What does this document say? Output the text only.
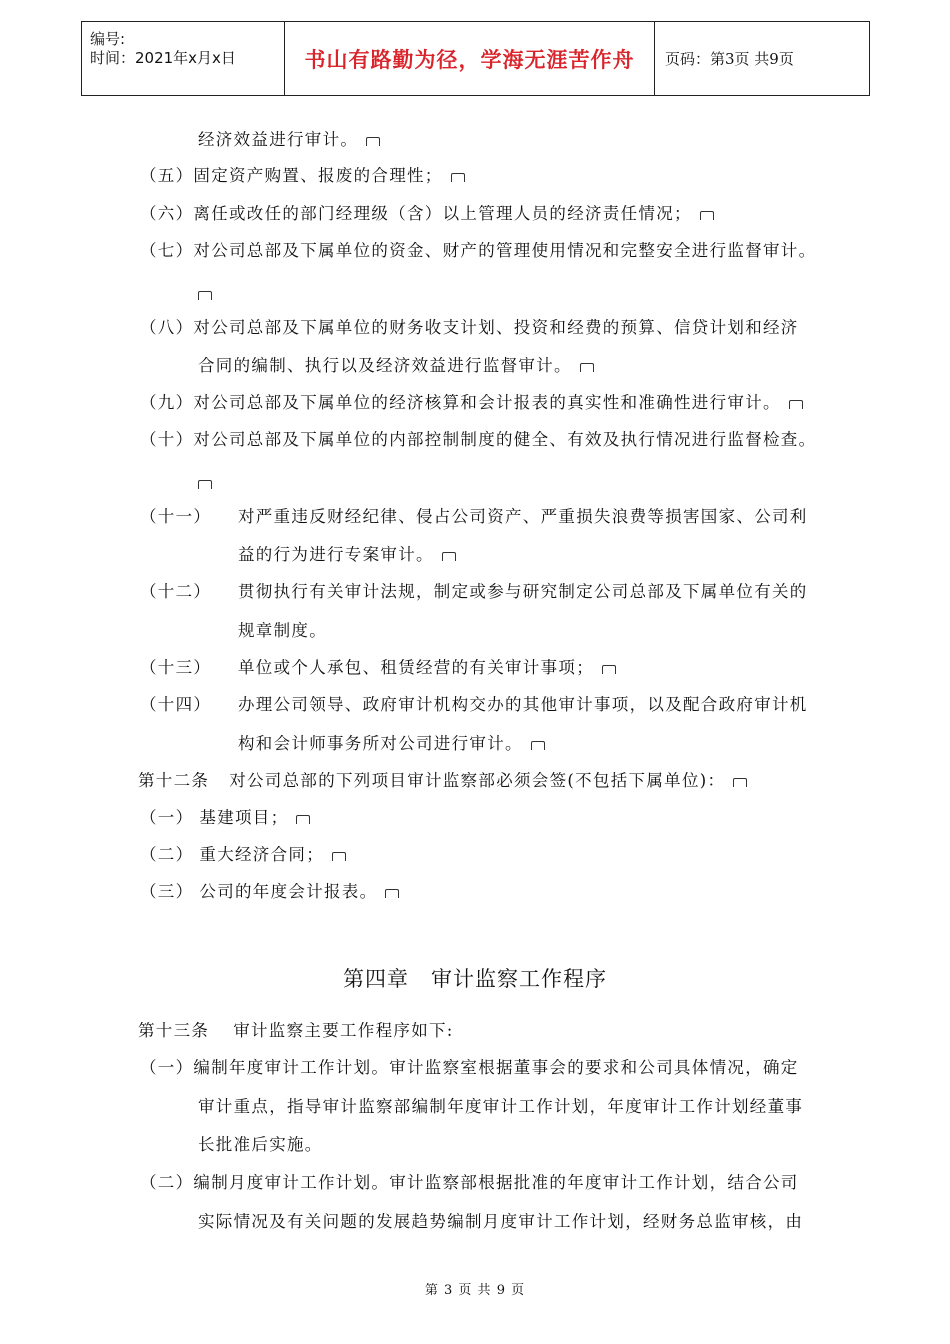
编号:
时间：2021年x月x日	书山有路勤为径，学海无涯苦作舟	页码：第3页 共9页
经济效益进行审计。
（五）固定资产购置、报废的合理性；
（六）离任或改任的部门经理级（含）以上管理人员的经济责任情况；
（七）对公司总部及下属单位的资金、财产的管理使用情况和完整安全进行监督审计。
（八）对公司总部及下属单位的财务收支计划、投资和经费的预算、信贷计划和经济
合同的编制、执行以及经济效益进行监督审计。
（九）对公司总部及下属单位的经济核算和会计报表的真实性和准确性进行审计。
（十）对公司总部及下属单位的内部控制制度的健全、有效及执行情况进行监督检查。
（十一） 对严重违反财经纪律、侵占公司资产、严重损失浪费等损害国家、公司利
益的行为进行专案审计。
（十二） 贯彻执行有关审计法规，制定或参与研究制定公司总部及下属单位有关的
规章制度。
（十三） 单位或个人承包、租赁经营的有关审计事项；
（十四） 办理公司领导、政府审计机构交办的其他审计事项，以及配合政府审计机
构和会计师事务所对公司进行审计。
第十二条 对公司总部的下列项目审计监察部必须会签(不包括下属单位)：
（一） 基建项目；
（二） 重大经济合同；
（三） 公司的年度会计报表。
第四章　审计监察工作程序
第十三条 审计监察主要工作程序如下:
（一）编制年度审计工作计划。审计监察室根据董事会的要求和公司具体情况，确定
审计重点，指导审计监察部编制年度审计工作计划，年度审计工作计划经董事
长批准后实施。
（二）编制月度审计工作计划。审计监察部根据批准的年度审计工作计划，结合公司
实际情况及有关问题的发展趋势编制月度审计工作计划，经财务总监审核，由
第 3 页 共 9 页
